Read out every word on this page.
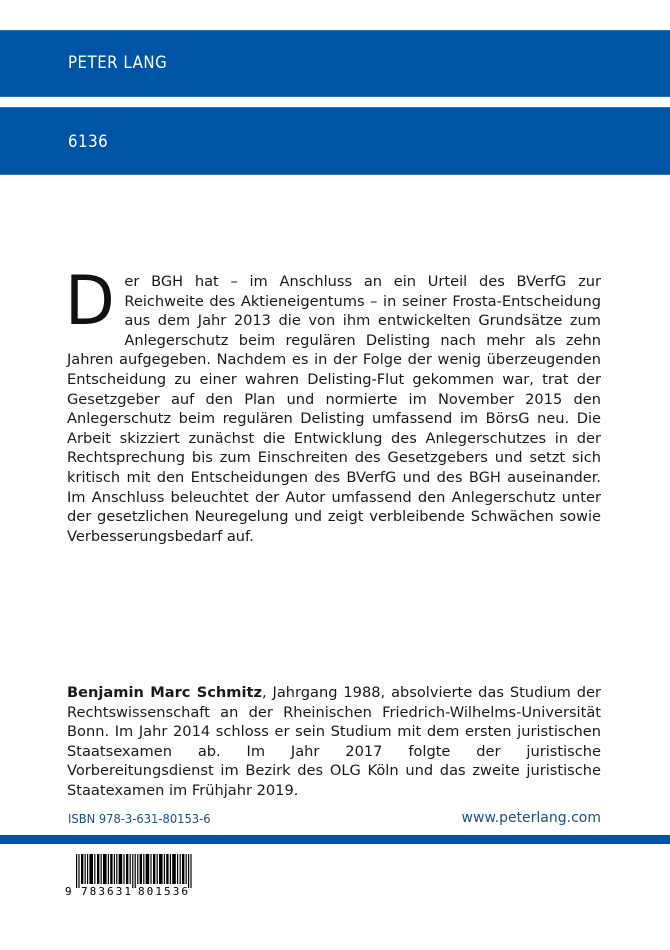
PETER LANG
6136
Der BGH hat – im Anschluss an ein Urteil des BVerfG zur Reichweite des Aktieneigentums – in seiner Frosta-Entscheidung aus dem Jahr 2013 die von ihm entwickelten Grundsätze zum Anlegerschutz beim regulären Delisting nach mehr als zehn Jahren aufgegeben. Nachdem es in der Folge der wenig überzeugenden Entscheidung zu einer wahren Delisting-Flut gekommen war, trat der Gesetzgeber auf den Plan und normierte im November 2015 den Anlegerschutz beim regulären Delisting umfassend im BörsG neu. Die Arbeit skizziert zunächst die Entwicklung des Anlegerschutzes in der Rechtsprechung bis zum Einschreiten des Gesetzgebers und setzt sich kritisch mit den Entscheidungen des BVerfG und des BGH auseinander. Im Anschluss beleuchtet der Autor umfassend den Anlegerschutz unter der gesetzlichen Neuregelung und zeigt verbleibende Schwächen sowie Verbesserungsbedarf auf.
Benjamin Marc Schmitz, Jahrgang 1988, absolvierte das Studium der Rechtswissenschaft an der Rheinischen Friedrich-Wilhelms-Universität Bonn. Im Jahr 2014 schloss er sein Studium mit dem ersten juristischen Staatsexamen ab. Im Jahr 2017 folgte der juristische Vorbereitungsdienst im Bezirk des OLG Köln und das zweite juristische Staatexamen im Frühjahr 2019.
ISBN 978-3-631-80153-6	www.peterlang.com
9 783631 801536
